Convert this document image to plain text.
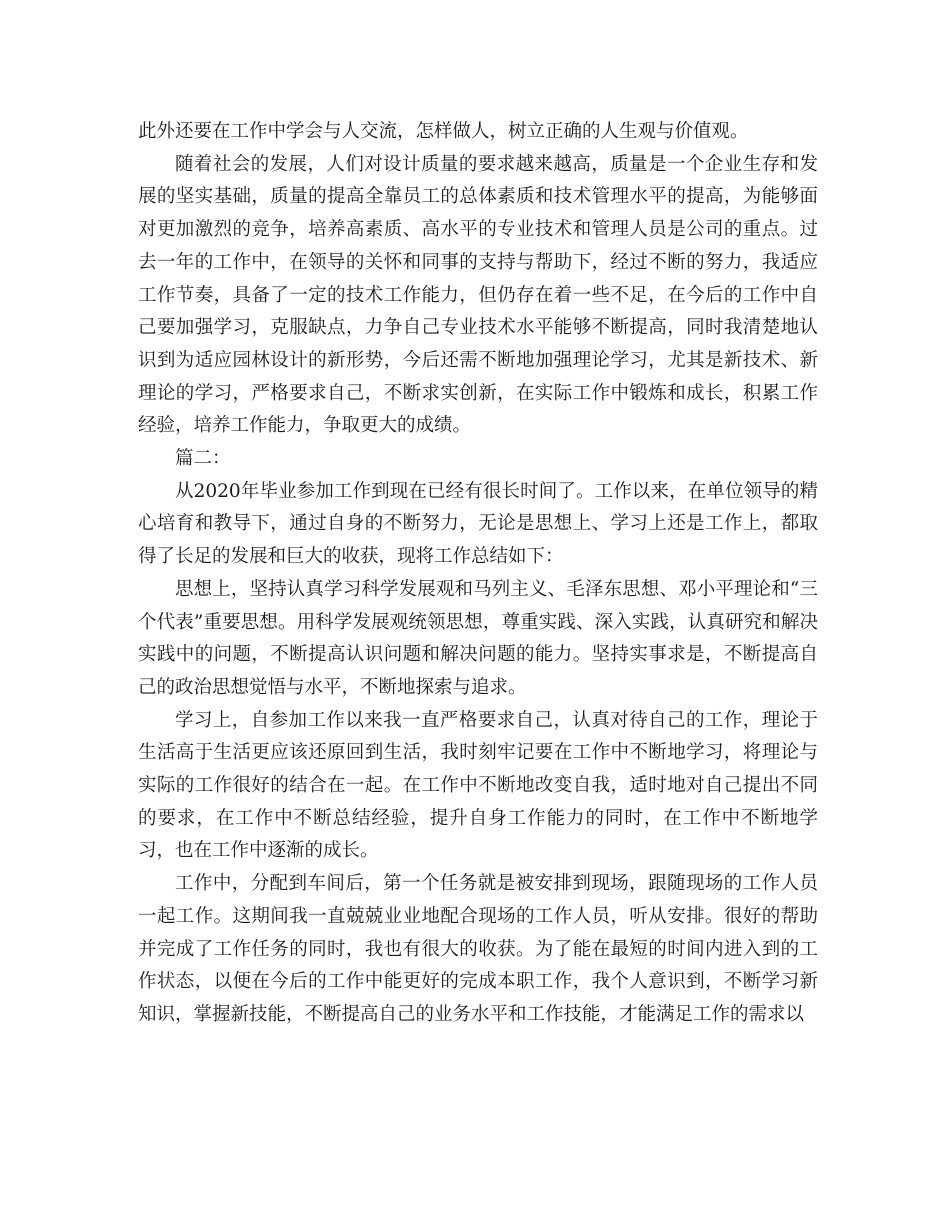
此外还要在工作中学会与人交流，怎样做人，树立正确的人生观与价值观。

随着社会的发展，人们对设计质量的要求越来越高，质量是一个企业生存和发展的坚实基础，质量的提高全靠员工的总体素质和技术管理水平的提高，为能够面对更加激烈的竞争，培养高素质、高水平的专业技术和管理人员是公司的重点。过去一年的工作中，在领导的关怀和同事的支持与帮助下，经过不断的努力，我适应工作节奏，具备了一定的技术工作能力，但仍存在着一些不足，在今后的工作中自己要加强学习，克服缺点，力争自己专业技术水平能够不断提高，同时我清楚地认识到为适应园林设计的新形势，今后还需不断地加强理论学习，尤其是新技术、新理论的学习，严格要求自己，不断求实创新，在实际工作中锻炼和成长，积累工作经验，培养工作能力，争取更大的成绩。

篇二：

从2020年毕业参加工作到现在已经有很长时间了。工作以来，在单位领导的精心培育和教导下，通过自身的不断努力，无论是思想上、学习上还是工作上，都取得了长足的发展和巨大的收获，现将工作总结如下：

思想上，坚持认真学习科学发展观和马列主义、毛泽东思想、邓小平理论和“三个代表”重要思想。用科学发展观统领思想，尊重实践、深入实践，认真研究和解决实践中的问题，不断提高认识问题和解决问题的能力。坚持实事求是，不断提高自己的政治思想觉悟与水平，不断地探索与追求。

学习上，自参加工作以来我一直严格要求自己，认真对待自己的工作，理论于生活高于生活更应该还原回到生活，我时刻牢记要在工作中不断地学习，将理论与实际的工作很好的结合在一起。在工作中不断地改变自我，适时地对自己提出不同的要求，在工作中不断总结经验，提升自身工作能力的同时，在工作中不断地学习，也在工作中逐渐的成长。

工作中，分配到车间后，第一个任务就是被安排到现场，跟随现场的工作人员一起工作。这期间我一直兢兢业业地配合现场的工作人员，听从安排。很好的帮助并完成了工作任务的同时，我也有很大的收获。为了能在最短的时间内进入到的工作状态，以便在今后的工作中能更好的完成本职工作，我个人意识到，不断学习新知识，掌握新技能，不断提高自己的业务水平和工作技能，才能满足工作的需求以
